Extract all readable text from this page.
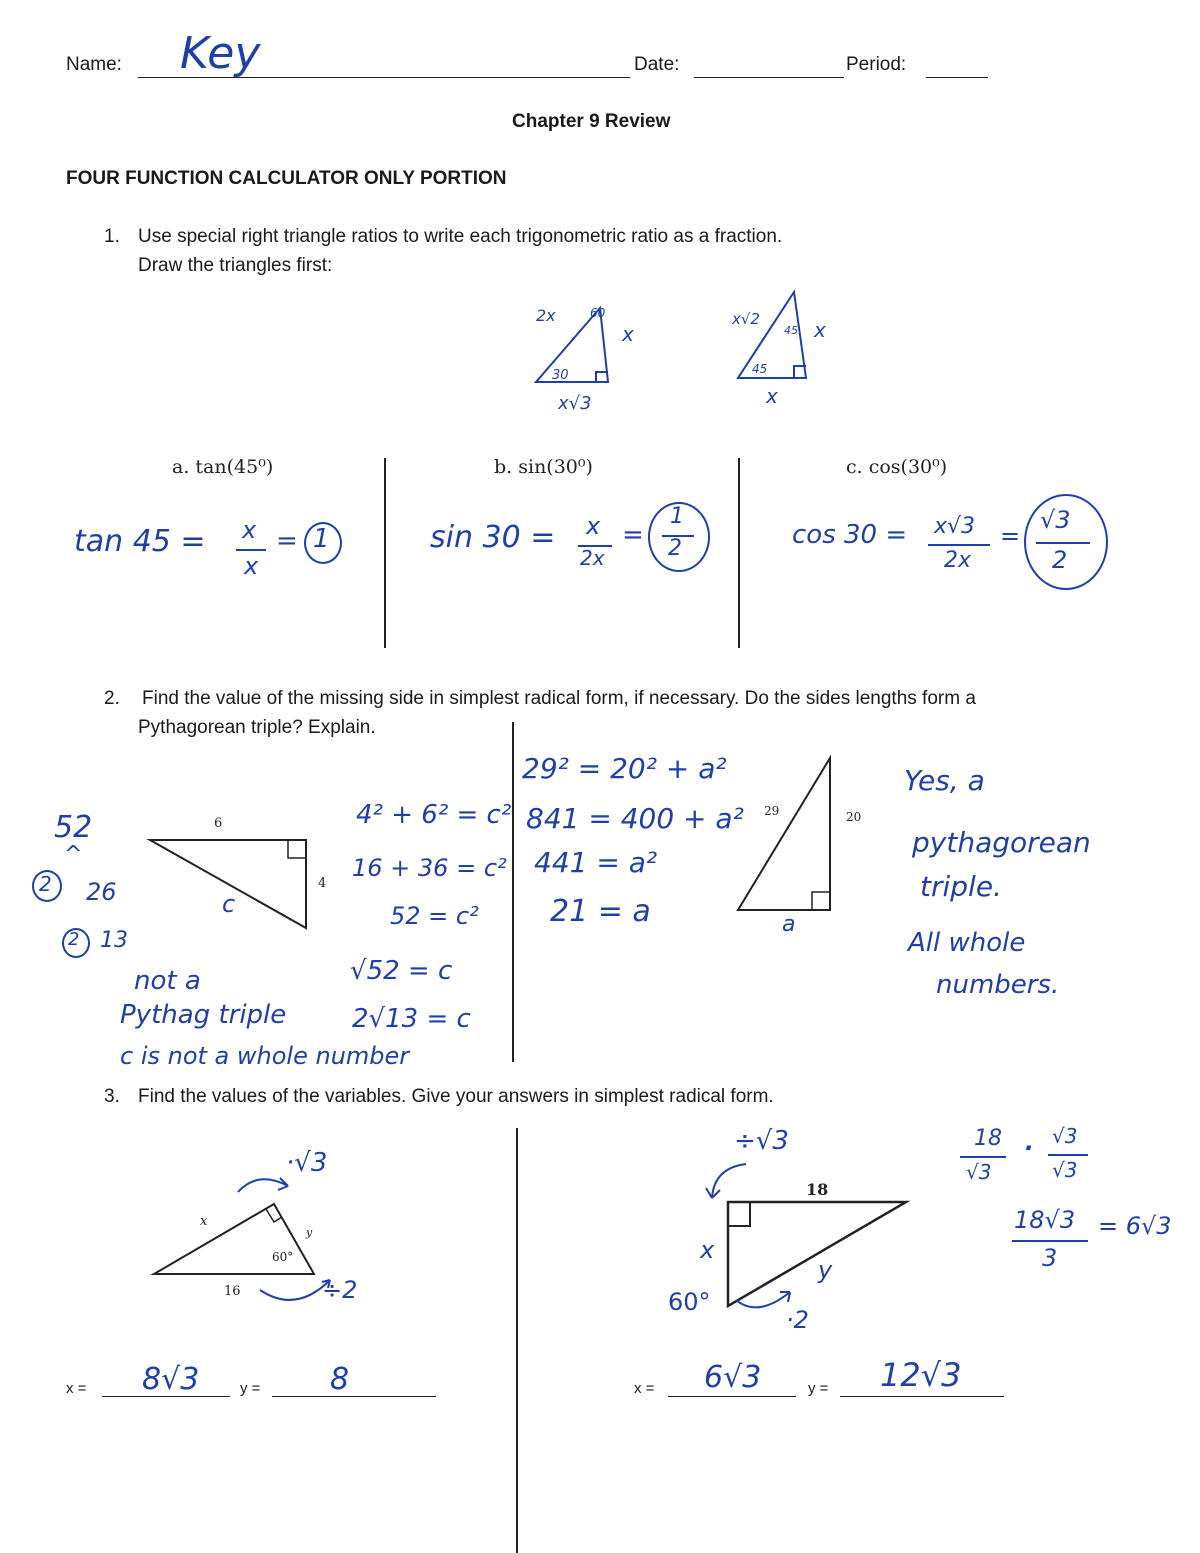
Name: Key	Date:	Period:
Chapter 9 Review
FOUR FUNCTION CALCULATOR ONLY PORTION
1. Use special right triangle ratios to write each trigonometric ratio as a fraction.
Draw the triangles first:
2x	60
x
30
x√3
x√2
45 x
45
x
a. tan(45⁰)	b. sin(30⁰)	c. cos(30⁰)
tan 45 = x
x
= 1	sin 30 = x
2x
=
1
2	cos 30 = x√3
2x
=
√3
2
2. Find the value of the missing side in simplest radical form, if necessary. Do the sides lengths form a
Pythagorean triple? Explain.
52
^
2 26
2 13
6
4
c
4² + 6² = c²
16 + 36 = c²
52 = c²
√52 = c
2√13 = c
not a
Pythag triple
c is not a whole number
29² = 20² + a²
841 = 400 + a²
441 = a²
21 = a
29	20
a
Yes, a
pythagorean
triple.
All whole
numbers.
3. Find the values of the variables. Give your answers in simplest radical form.
x
y
60°
16
·√3
÷2
x = 8√3	y = 8
18
x
y
60°
÷√3
·2
18
√3
· √3
√3
18√3
3
= 6√3
x = 6√3	y = 12√3
